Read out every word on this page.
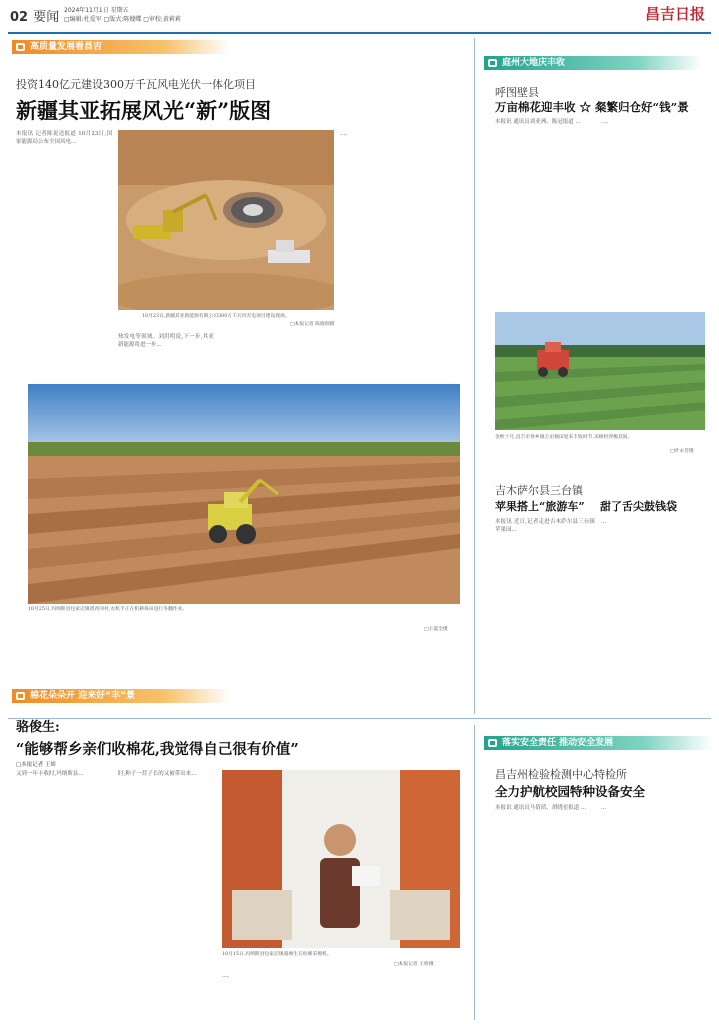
02 要闻 2024年11月1日 星期五
□编辑:杜爱军 □版式:陈嫂蝶 □审校:黄莉莉	昌吉日报
高质量发展看昌吉
投资140亿元建设300万千瓦风电光伏一体化项目
新疆其亚拓展风光“新”版图
本报讯 记者陈说送报道 10月23日,国家能源局公布全国风电...
10月23日,新疆其亚新能源有限公司300万千瓦风光电项目建设现场。
□本报记者 陈晓瑞摄
热发电等领域。刘洪明说,下一步,其亚新能源将进一步...
...。
10月25日,玛纳斯县包家店镇塔西河村,农机手正在机耕条田进行冬翻作业。
□王震全摄
庭州大地庆丰收
呼图壁县
万亩棉花迎丰收 ☆ 粲繁归仓好“钱”景
本报讯 通讯员刘亚洲、陈冠报道 ...	...。
金秋十月,昌吉市各乡镇万亩棉田迎来丰收时节,采棉机穿梭其间。
□叶永芳摄
吉木萨尔县三台镇
苹果搭上“旅游车” 甜了舌尖鼓钱袋
本报讯 近日,记者走进吉木萨尔县三台镇苹果园...
...
棉花朵朵开 迎来好“丰”景
骆俊生:
“能够帮乡亲们收棉花,我觉得自己很有价值”
□本报记者 王娇
又到一年丰收时,玛纳斯县...	时,种子一茬子长的又被带出来...
10月15日,玛纳斯县包家店镇骆俊生在检修采棉机。
□本报记者 王娇摄
...。
落实安全责任 推动安全发展
昌吉州检验检测中心特检所
全力护航校园特种设备安全
本报讯 通讯员马倩倩、胡晓星报道 ...	...
